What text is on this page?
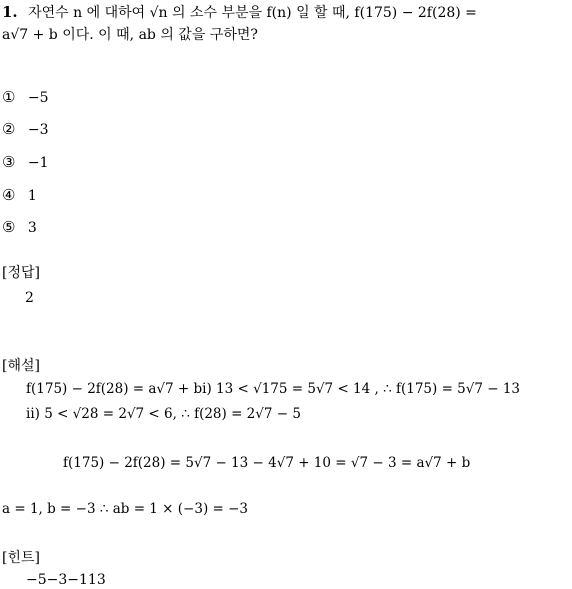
1. 자연수 n 에 대하여 √n 의 소수 부분을 f(n) 일 할 때, f(175) − 2f(28) =
a√7 + b 이다. 이 때, ab 의 값을 구하면?
① −5
② −3
③ −1
④ 1
⑤ 3
[정답]
2
[해설]
f(175) − 2f(28) = a√7 + bi) 13 < √175 = 5√7 < 14 , ∴ f(175) = 5√7 − 13
ii) 5 < √28 = 2√7 < 6, ∴ f(28) = 2√7 − 5
f(175) − 2f(28) = 5√7 − 13 − 4√7 + 10 = √7 − 3 = a√7 + b
a = 1, b = −3 ∴ ab = 1 × (−3) = −3
[힌트]
−5−3−113
